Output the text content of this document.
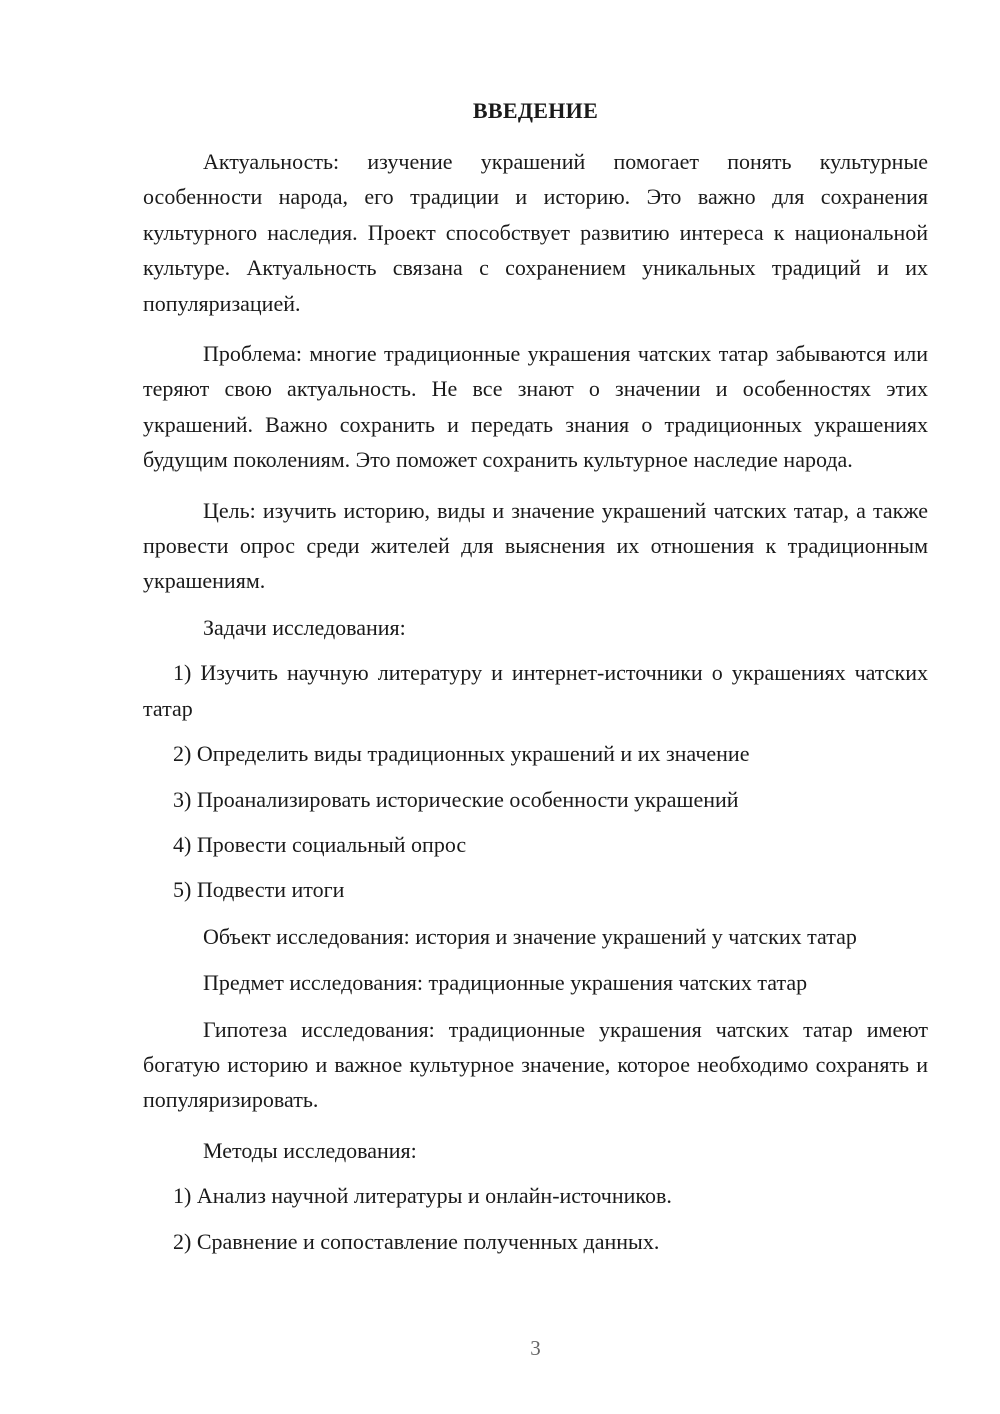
ВВЕДЕНИЕ

Актуальность: изучение украшений помогает понять культурные особенности народа, его традиции и историю. Это важно для сохранения культурного наследия. Проект способствует развитию интереса к национальной культуре. Актуальность связана с сохранением уникальных традиций и их популяризацией.

Проблема: многие традиционные украшения чатских татар забываются или теряют свою актуальность. Не все знают о значении и особенностях этих украшений. Важно сохранить и передать знания о традиционных украшениях будущим поколениям. Это поможет сохранить культурное наследие народа.

Цель: изучить историю, виды и значение украшений чатских татар, а также провести опрос среди жителей для выяснения их отношения к традиционным украшениям.

Задачи исследования:

1) Изучить научную литературу и интернет-источники о украшениях чатских татар

2) Определить виды традиционных украшений и их значение

3) Проанализировать исторические особенности украшений

4) Провести социальный опрос

5) Подвести итоги

Объект исследования: история и значение украшений у чатских татар

Предмет исследования: традиционные украшения чатских татар

Гипотеза исследования: традиционные украшения чатских татар имеют богатую историю и важное культурное значение, которое необходимо сохранять и популяризировать.

Методы исследования:

1) Анализ научной литературы и онлайн-источников.

2) Сравнение и сопоставление полученных данных.

3
